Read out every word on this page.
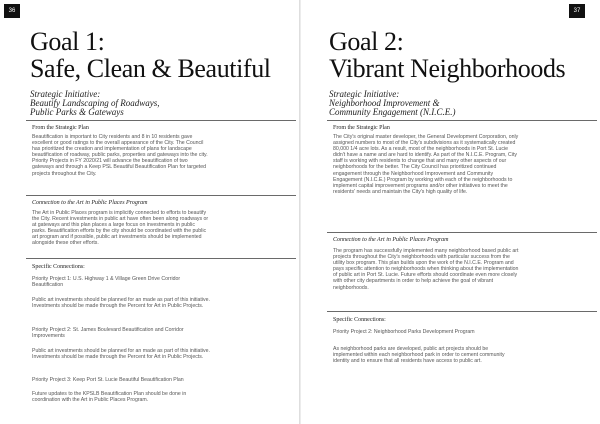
36
Goal 1:
Safe, Clean & Beautiful
Strategic Initiative:
Beautify Landscaping of Roadways,
Public Parks & Gateways
From the Strategic Plan
Beautification is important to City residents and 8 in 10 residents gave excellent or good ratings to the overall appearance of the City. The Council has prioritized the creation and implementation of plans for landscape beautification of roadway, public parks, properties and gateways into the city. Priority Projects in FY 2020/21 will advance the beautification of two gateways and through a Keep PSL Beautiful Beautification Plan for targeted projects throughout the City.
Connection to the Art in Public Places Program
The Art in Public Places program is implicitly connected to efforts to beautify the City. Recent investments in public art have often been along roadways or at gateways and this plan places a large focus on investments in public parks. Beautification efforts by the city should be coordinated with the public art program and if possible, public art investments should be implemented alongside these other efforts.
Specific Connections:
Priority Project 1: U.S. Highway 1 & Village Green Drive Corridor Beautification
Public art investments should be planned for an made as part of this initiative. Investments should be made through the Percent for Art in Public Projects.
Priority Project 2: St. James Boulevard Beautification and Corridor Improvements
Public art investments should be planned for an made as part of this initiative. Investments should be made through the Percent for Art in Public Projects.
Priority Project 3: Keep Port St. Lucie Beautiful Beautification Plan
Future updates to the KPSLB Beautification Plan should be done in coordination with the Art in Public Places Program.
37
Goal 2:
Vibrant Neighborhoods
Strategic Initiative:
Neighborhood Improvement &
Community Engagement (N.I.C.E.)
From the Strategic Plan
The City's original master developer, the General Development Corporation, only assigned numbers to most of the City's subdivisions as it systematically created 80,000 1/4 acre lots. As a result, most of the neighborhoods in Port St. Lucie didn't have a name and are hard to identify. As part of the N.I.C.E. Program, City staff is working with residents to change that and many other aspects of our neighborhoods for the better. The City Council has prioritized continued engagement through the Neighborhood Improvement and Community Engagement (N.I.C.E.) Program by working with each of the neighborhoods to implement capital improvement programs and/or other initiatives to meet the residents' needs and maintain the City's high quality of life.
Connection to the Art in Public Places Program
The program has successfully implemented many neighborhood based public art projects throughout the City's neighborhoods with particular success from the utility box program. This plan builds upon the work of the N.I.C.E. Program and pays specific attention to neighborhoods when thinking about the implementation of public art in Port St. Lucie. Future efforts should coordinate even more closely with other city departments in order to help achieve the goal of vibrant neighborhoods.
Specific Connections:
Priority Project 2: Neighborhood Parks Development Program
As neighborhood parks are developed, public art projects should be implemented within each neighborhood park in order to cement community identity and to ensure that all residents have access to public art.
